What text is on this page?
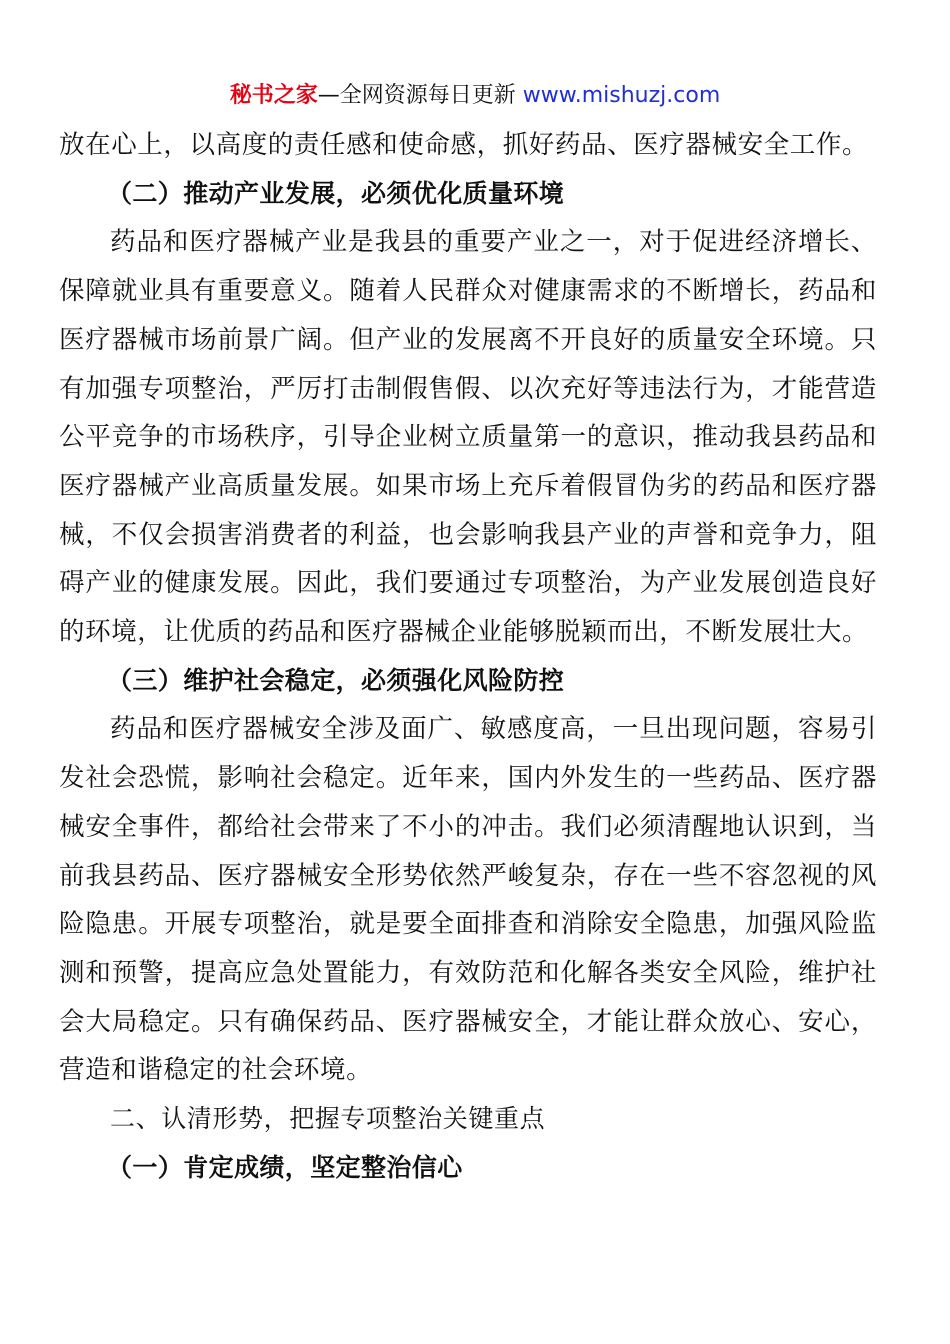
秘书之家—全网资源每日更新 www.mishuzj.com

放在心上，以高度的责任感和使命感，抓好药品、医疗器械安全工作。

（二）推动产业发展，必须优化质量环境

药品和医疗器械产业是我县的重要产业之一，对于促进经济增长、保障就业具有重要意义。随着人民群众对健康需求的不断增长，药品和医疗器械市场前景广阔。但产业的发展离不开良好的质量安全环境。只有加强专项整治，严厉打击制假售假、以次充好等违法行为，才能营造公平竞争的市场秩序，引导企业树立质量第一的意识，推动我县药品和医疗器械产业高质量发展。如果市场上充斥着假冒伪劣的药品和医疗器械，不仅会损害消费者的利益，也会影响我县产业的声誉和竞争力，阻碍产业的健康发展。因此，我们要通过专项整治，为产业发展创造良好的环境，让优质的药品和医疗器械企业能够脱颖而出，不断发展壮大。

（三）维护社会稳定，必须强化风险防控

药品和医疗器械安全涉及面广、敏感度高，一旦出现问题，容易引发社会恐慌，影响社会稳定。近年来，国内外发生的一些药品、医疗器械安全事件，都给社会带来了不小的冲击。我们必须清醒地认识到，当前我县药品、医疗器械安全形势依然严峻复杂，存在一些不容忽视的风险隐患。开展专项整治，就是要全面排查和消除安全隐患，加强风险监测和预警，提高应急处置能力，有效防范和化解各类安全风险，维护社会大局稳定。只有确保药品、医疗器械安全，才能让群众放心、安心，营造和谐稳定的社会环境。

二、认清形势，把握专项整治关键重点

（一）肯定成绩，坚定整治信心
